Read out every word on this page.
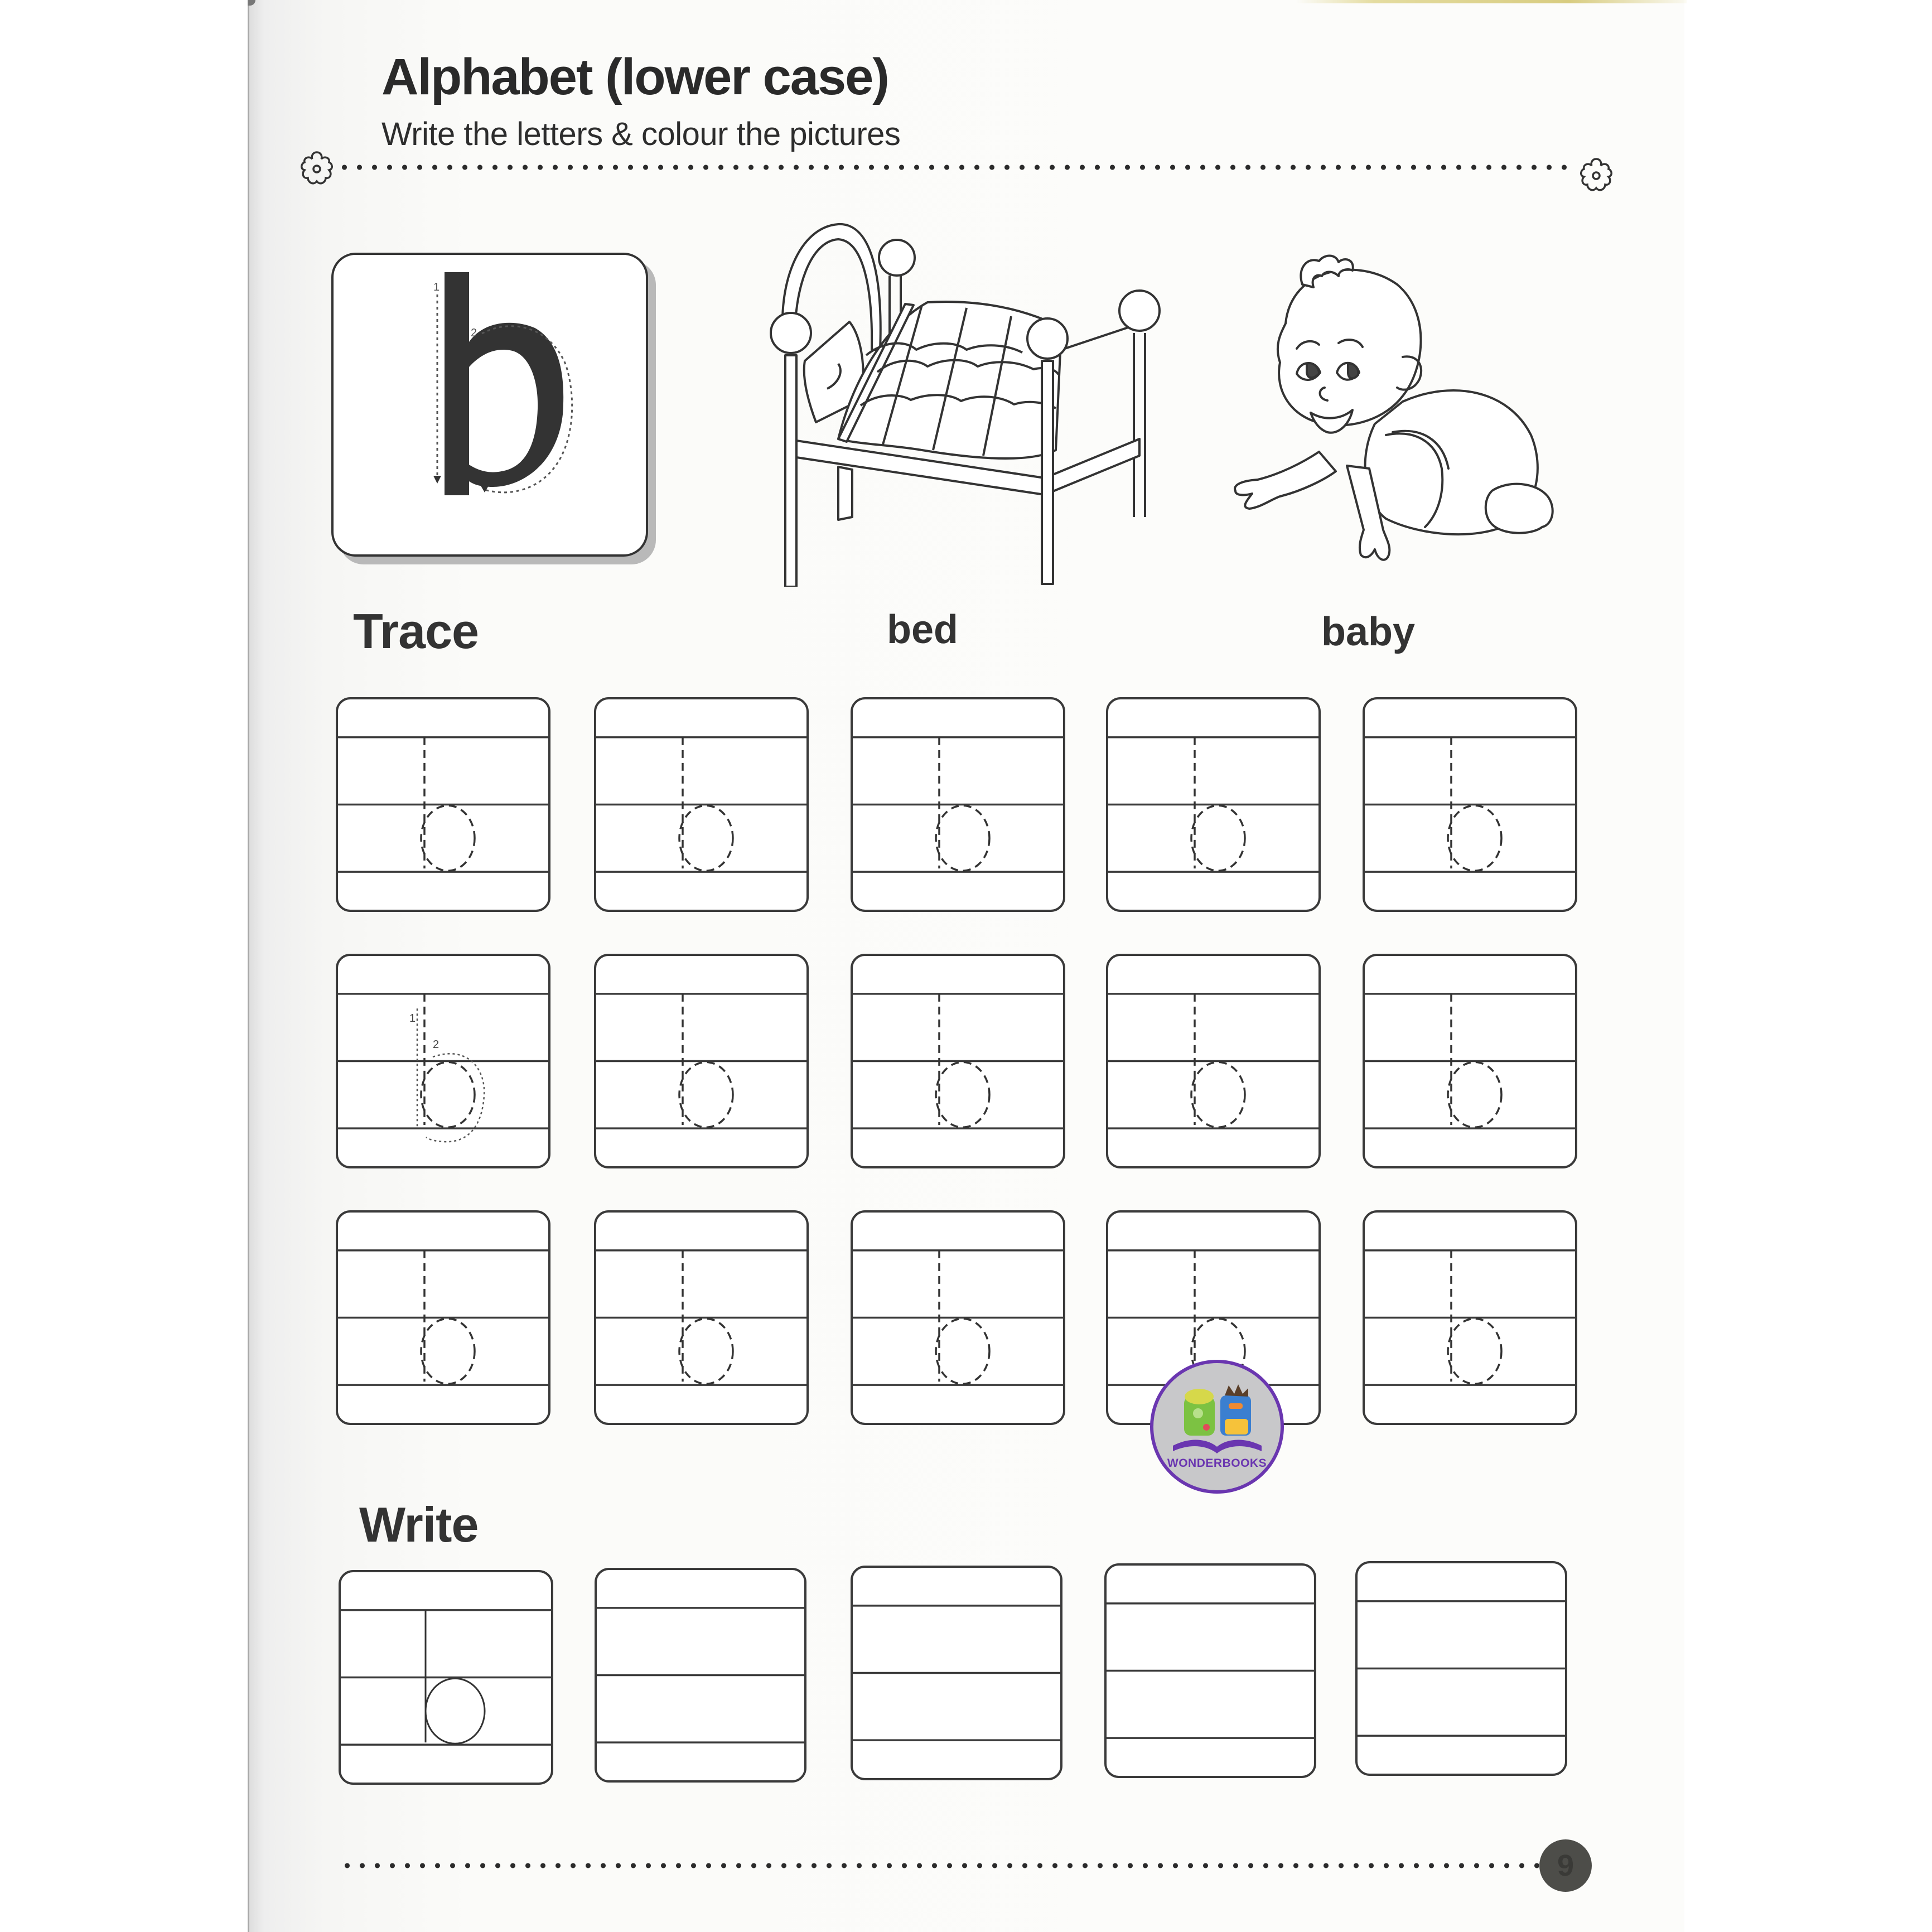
Alphabet (lower case)
Write the letters & colour the pictures
1
2
Trace	bed	baby
1
2
WONDERBOOKS
Write
9
